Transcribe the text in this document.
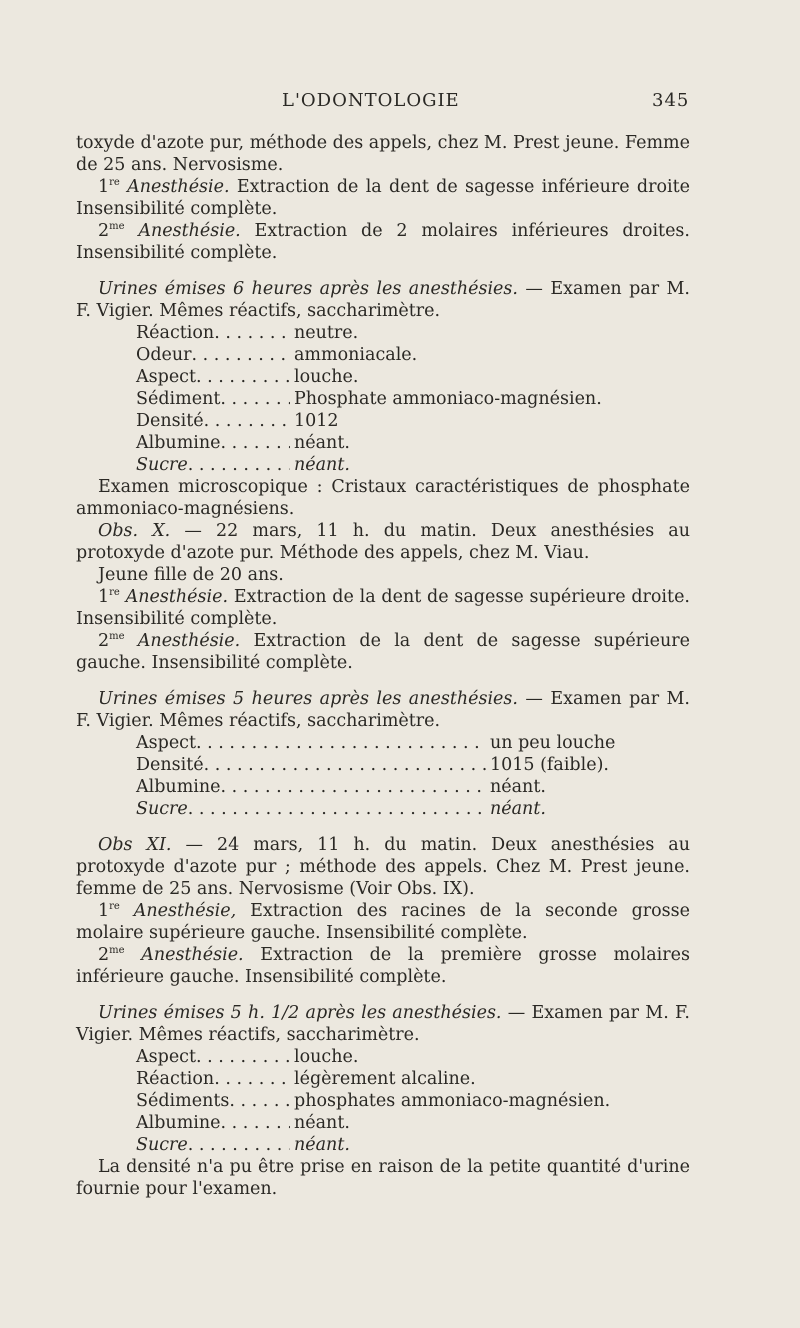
L'ODONTOLOGIE	345

toxyde d'azote pur, méthode des appels, chez M. Prest jeune. Femme de 25 ans. Nervosisme.

1re Anesthésie. Extraction de la dent de sagesse inférieure droite Insensibilité complète.

$2^{me}$ Anesthésie. Extraction de 2 molaires inférieures droites. Insensibilité complète.

Urines émises 6 heures après les anesthésies. — Examen par M. F. Vigier. Mêmes réactifs, saccharimètre.

Réaction . . .	neutre.
Odeur . . .	ammoniacale.
Aspect . . .	louche.
Sédiment . . .	Phosphate ammoniaco-magnésien.
Densité . . .	1012
Albumine . . .	néant.
Sucre . . .	néant.

Examen microscopique : Cristaux caractéristiques de phosphate ammoniaco-magnésiens.

Obs. X. — 22 mars, 11 h. du matin. Deux anesthésies au protoxyde d'azote pur. Méthode des appels, chez M. Viau.

Jeune fille de 20 ans.

1re Anesthésie. Extraction de la dent de sagesse supérieure droite. Insensibilité complète.

$2^{me}$ Anesthésie. Extraction de la dent de sagesse supérieure gauche. Insensibilité complète.

Urines émises 5 heures après les anesthésies. — Examen par M. F. Vigier. Mêmes réactifs, saccharimètre.

Aspect . . .	un peu louche
Densité . . .	1015 (faible).
Albumine . . .	néant.
Sucre . . .	néant.

Obs XI. — 24 mars, 11 h. du matin. Deux anesthésies au protoxyde d'azote pur ; méthode des appels. Chez M. Prest jeune. femme de 25 ans. Nervosisme (Voir Obs. IX).

1re Anesthésie, Extraction des racines de la seconde grosse molaire supérieure gauche. Insensibilité complète.

$2^{me}$ Anesthésie. Extraction de la première grosse molaires inférieure gauche. Insensibilité complète.

Urines émises 5 h. 1/2 après les anesthésies. — Examen par M. F. Vigier. Mêmes réactifs, saccharimètre.

Aspect . . .	louche.
Réaction . . .	légèrement alcaline.
Sédiments . . .	phosphates ammoniaco-magnésien.
Albumine . . .	néant.
Sucre . . .	néant.

La densité n'a pu être prise en raison de la petite quantité d'urine fournie pour l'examen.
